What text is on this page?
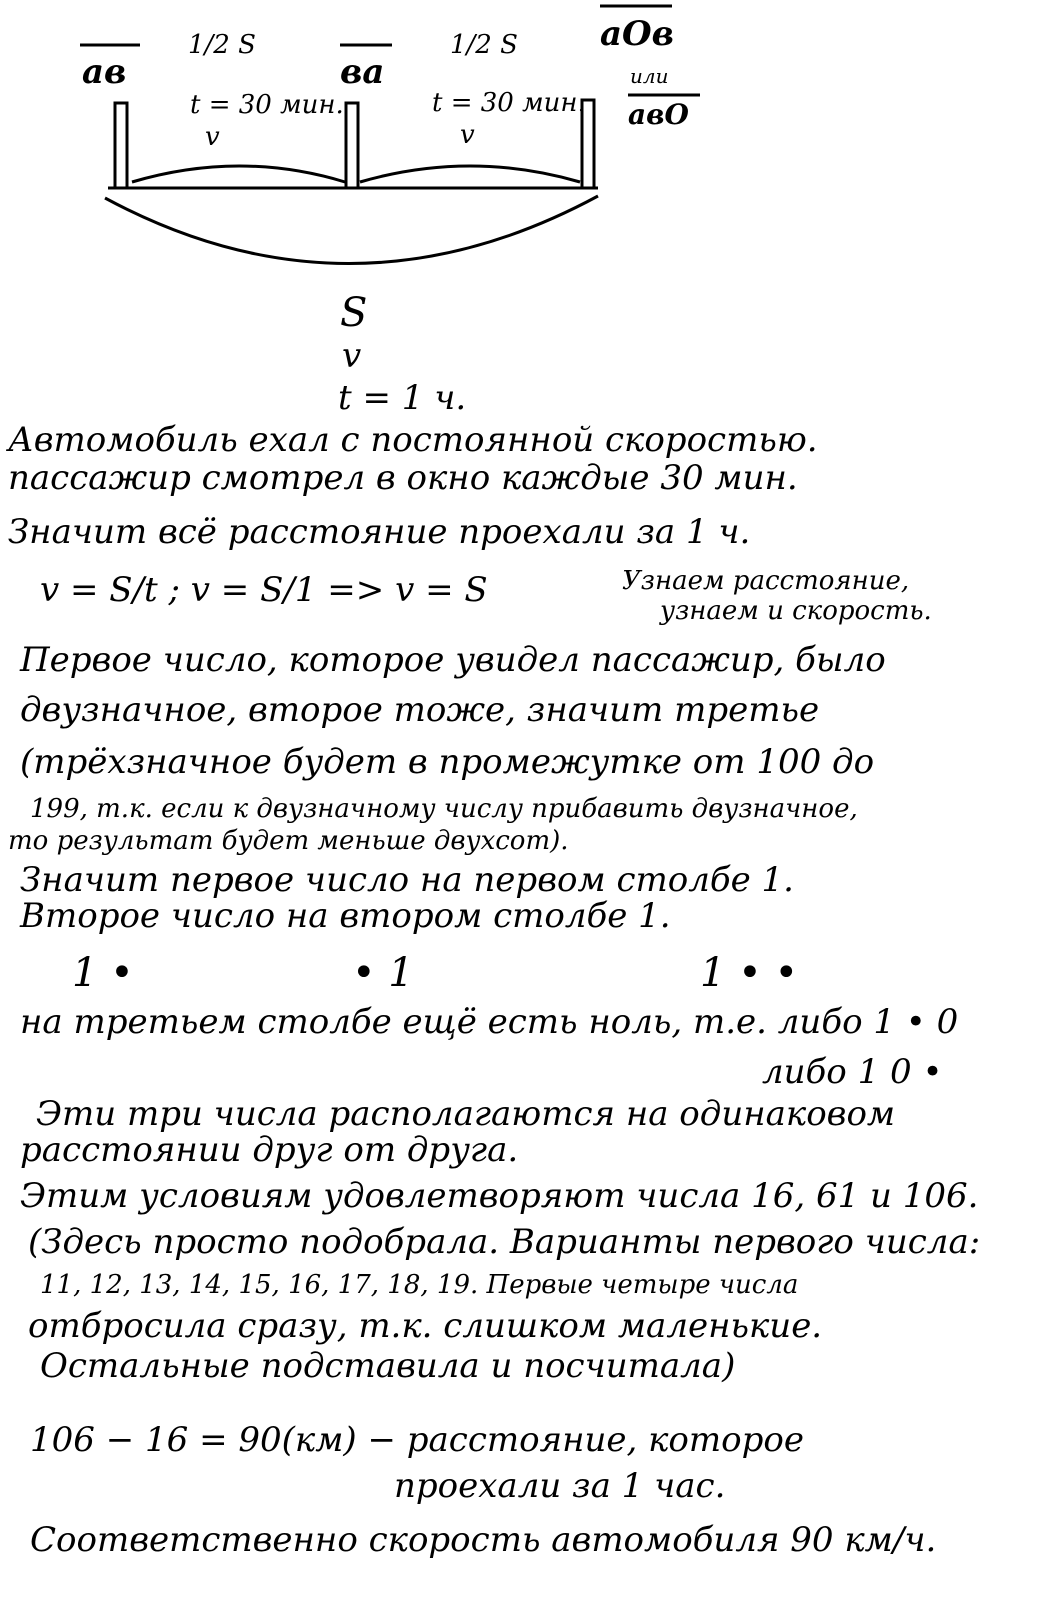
ав
1/2 S
t = 30 мин.
v
ва
1/2 S
t = 30 мин.
v
аОв
или
авО
S
v
t = 1 ч.
Автомобиль ехал с постоянной скоростью.
пассажир смотрел в окно каждые 30 мин.
Значит всё расстояние проехали за 1 ч.
v = S/t ; v = S/1 => v = S	Узнаем расстояние,
узнаем и скорость.
Первое число, которое увидел пассажир, было
двузначное, второе тоже, значит третье
(трёхзначное будет в промежутке от 100 до
199, т.к. если к двузначному числу прибавить двузначное,
то результат будет меньше двухсот).
Значит первое число на первом столбе 1.
Второе число на втором столбе 1.
1 •	• 1	1 • •
на третьем столбе ещё есть ноль, т.е. либо 1 • 0
либо 1 0 •
Эти три числа располагаются на одинаковом
расстоянии друг от друга.
Этим условиям удовлетворяют числа 16, 61 и 106.
(Здесь просто подобрала. Варианты первого числа:
11, 12, 13, 14, 15, 16, 17, 18, 19. Первые четыре числа
отбросила сразу, т.к. слишком маленькие.
Остальные подставила и посчитала)
106 − 16 = 90(км) − расстояние, которое
проехали за 1 час.
Соответственно скорость автомобиля 90 км/ч.
